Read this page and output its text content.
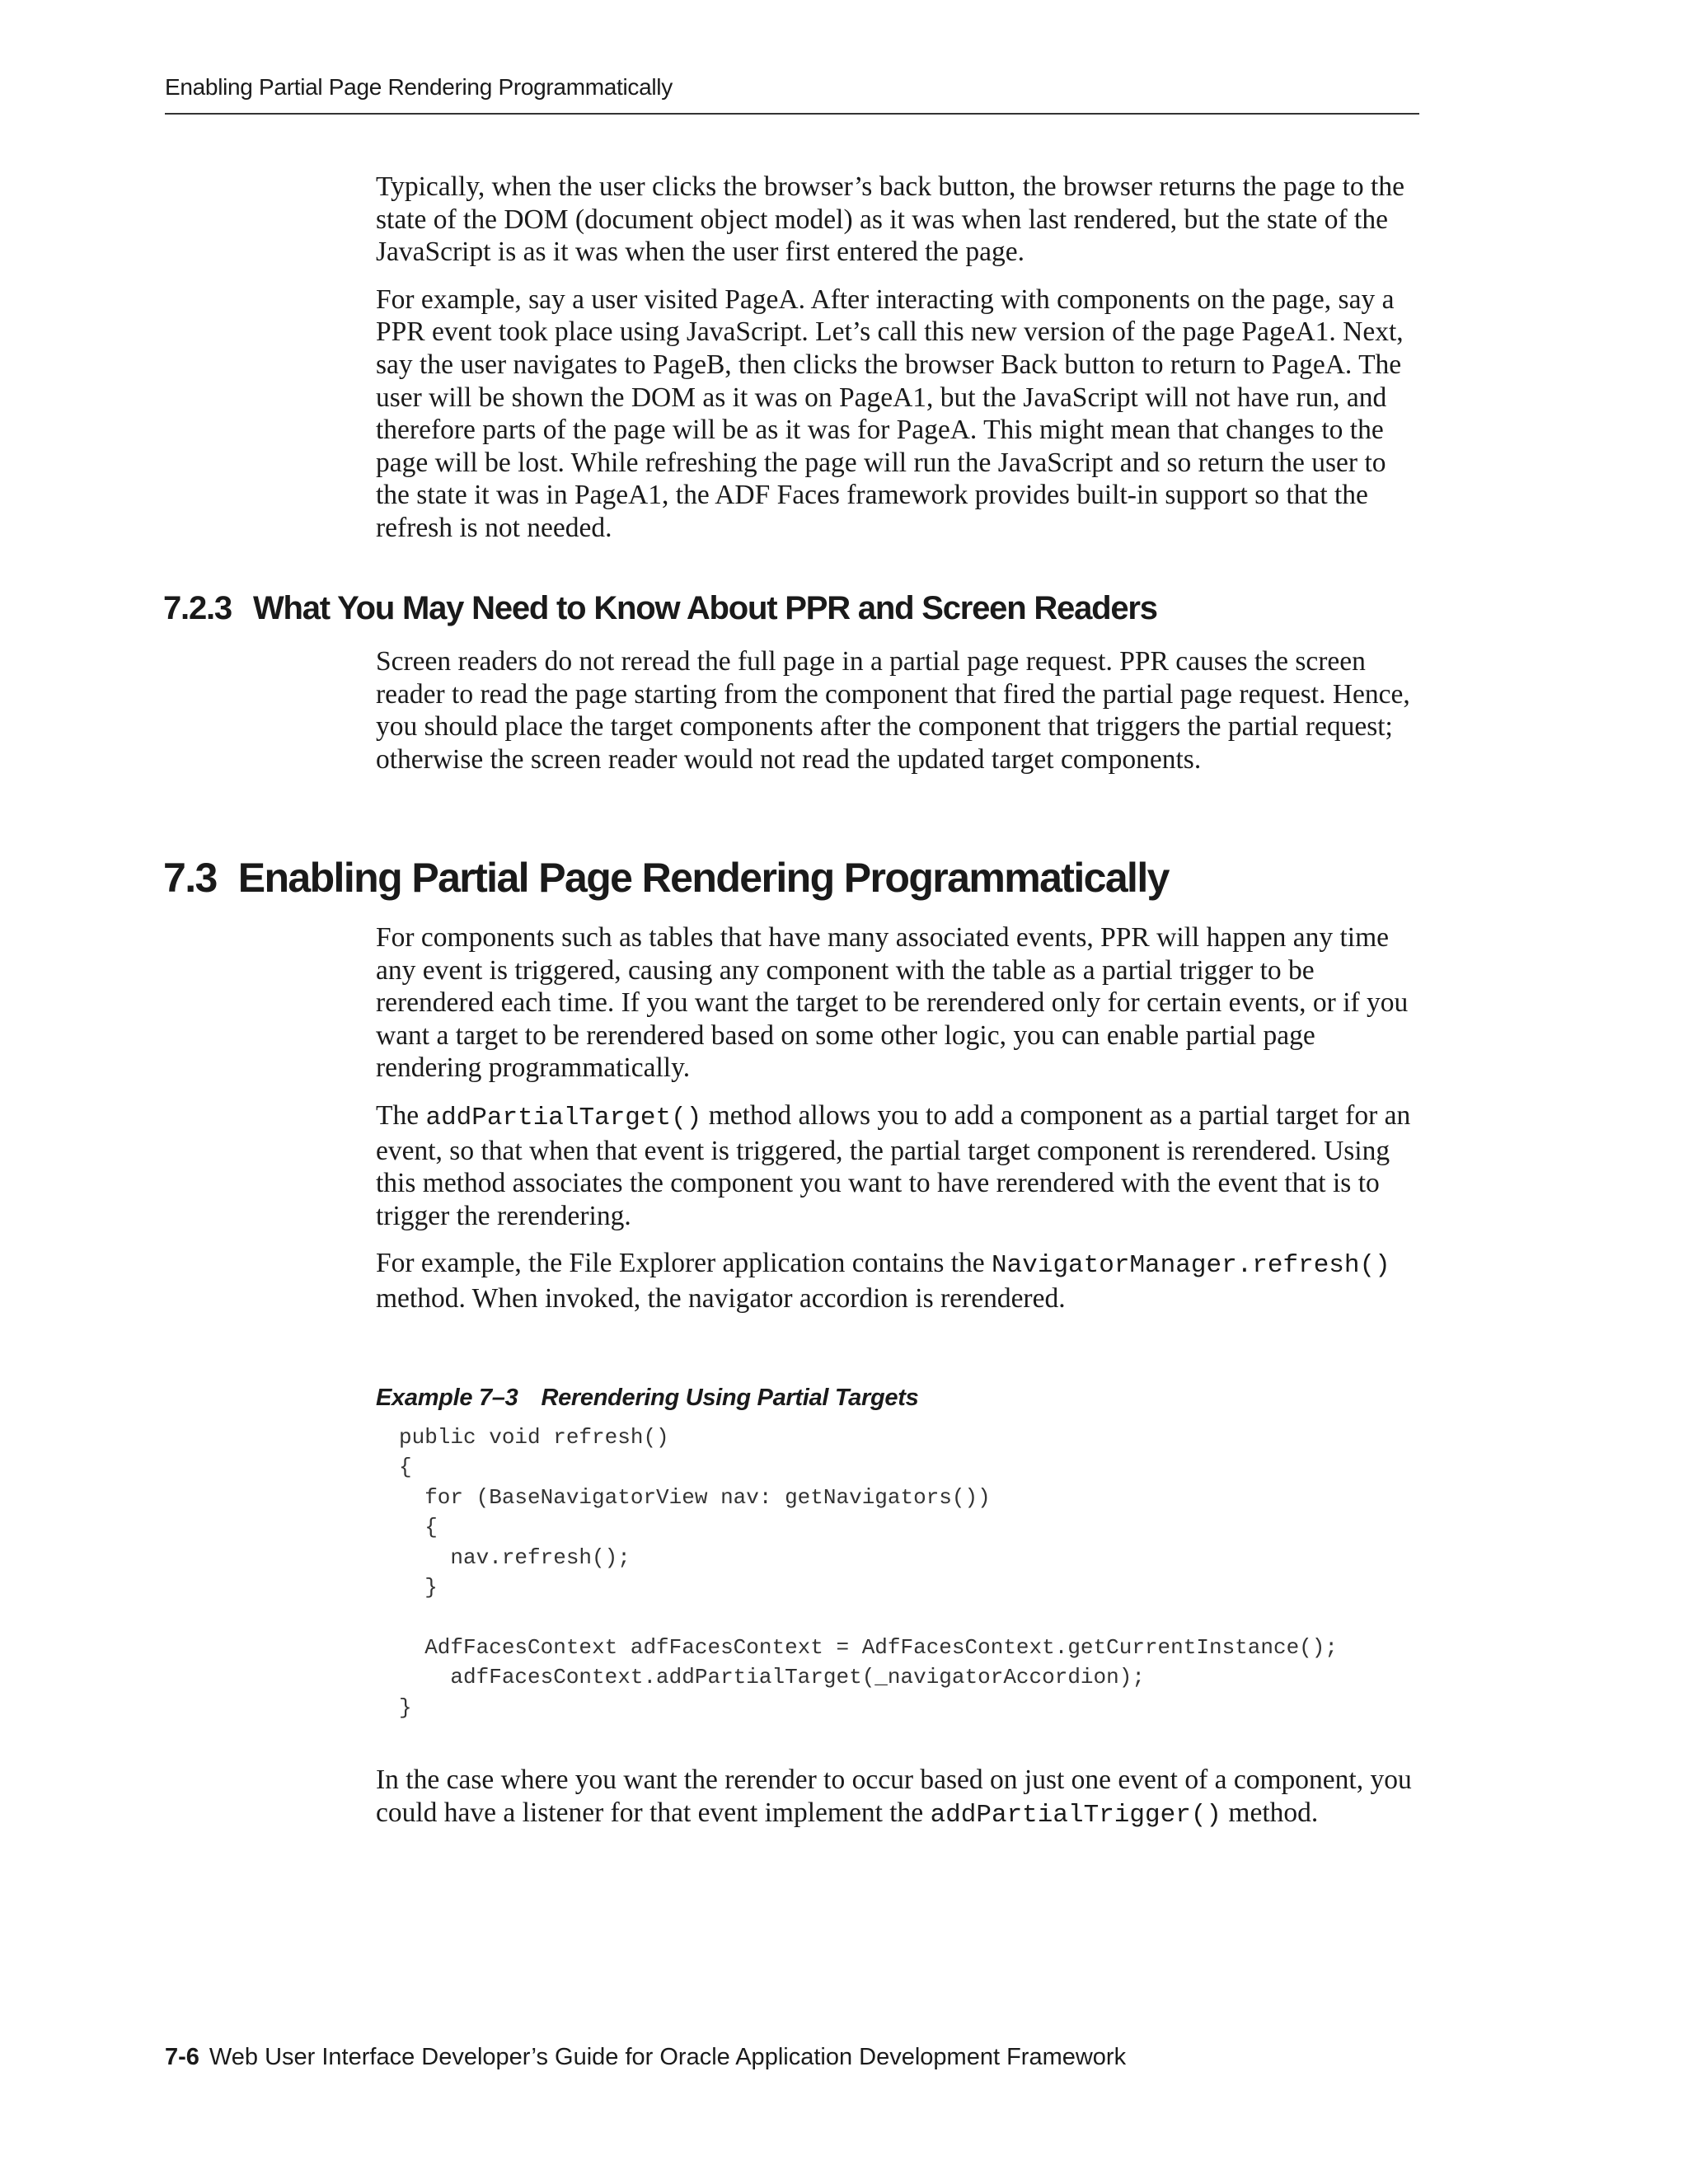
Enabling Partial Page Rendering Programmatically

Typically, when the user clicks the browser’s back button, the browser returns the page to the state of the DOM (document object model) as it was when last rendered, but the state of the JavaScript is as it was when the user first entered the page.

For example, say a user visited PageA. After interacting with components on the page, say a PPR event took place using JavaScript. Let’s call this new version of the page PageA1. Next, say the user navigates to PageB, then clicks the browser Back button to return to PageA. The user will be shown the DOM as it was on PageA1, but the JavaScript will not have run, and therefore parts of the page will be as it was for PageA. This might mean that changes to the page will be lost. While refreshing the page will run the JavaScript and so return the user to the state it was in PageA1, the ADF Faces framework provides built-in support so that the refresh is not needed.

7.2.3 What You May Need to Know About PPR and Screen Readers

Screen readers do not reread the full page in a partial page request. PPR causes the screen reader to read the page starting from the component that fired the partial page request. Hence, you should place the target components after the component that triggers the partial request; otherwise the screen reader would not read the updated target components.

7.3 Enabling Partial Page Rendering Programmatically

For components such as tables that have many associated events, PPR will happen any time any event is triggered, causing any component with the table as a partial trigger to be rerendered each time. If you want the target to be rerendered only for certain events, or if you want a target to be rerendered based on some other logic, you can enable partial page rendering programmatically.

The addPartialTarget() method allows you to add a component as a partial target for an event, so that when that event is triggered, the partial target component is rerendered. Using this method associates the component you want to have rerendered with the event that is to trigger the rerendering.

For example, the File Explorer application contains the NavigatorManager.refresh() method. When invoked, the navigator accordion is rerendered.

Example 7–3 Rerendering Using Partial Targets
public void refresh()
{
for (BaseNavigatorView nav: getNavigators())
{
nav.refresh();
}

AdfFacesContext adfFacesContext = AdfFacesContext.getCurrentInstance();
adfFacesContext.addPartialTarget(_navigatorAccordion);
}

In the case where you want the rerender to occur based on just one event of a component, you could have a listener for that event implement the addPartialTrigger() method.

7-6 Web User Interface Developer’s Guide for Oracle Application Development Framework
